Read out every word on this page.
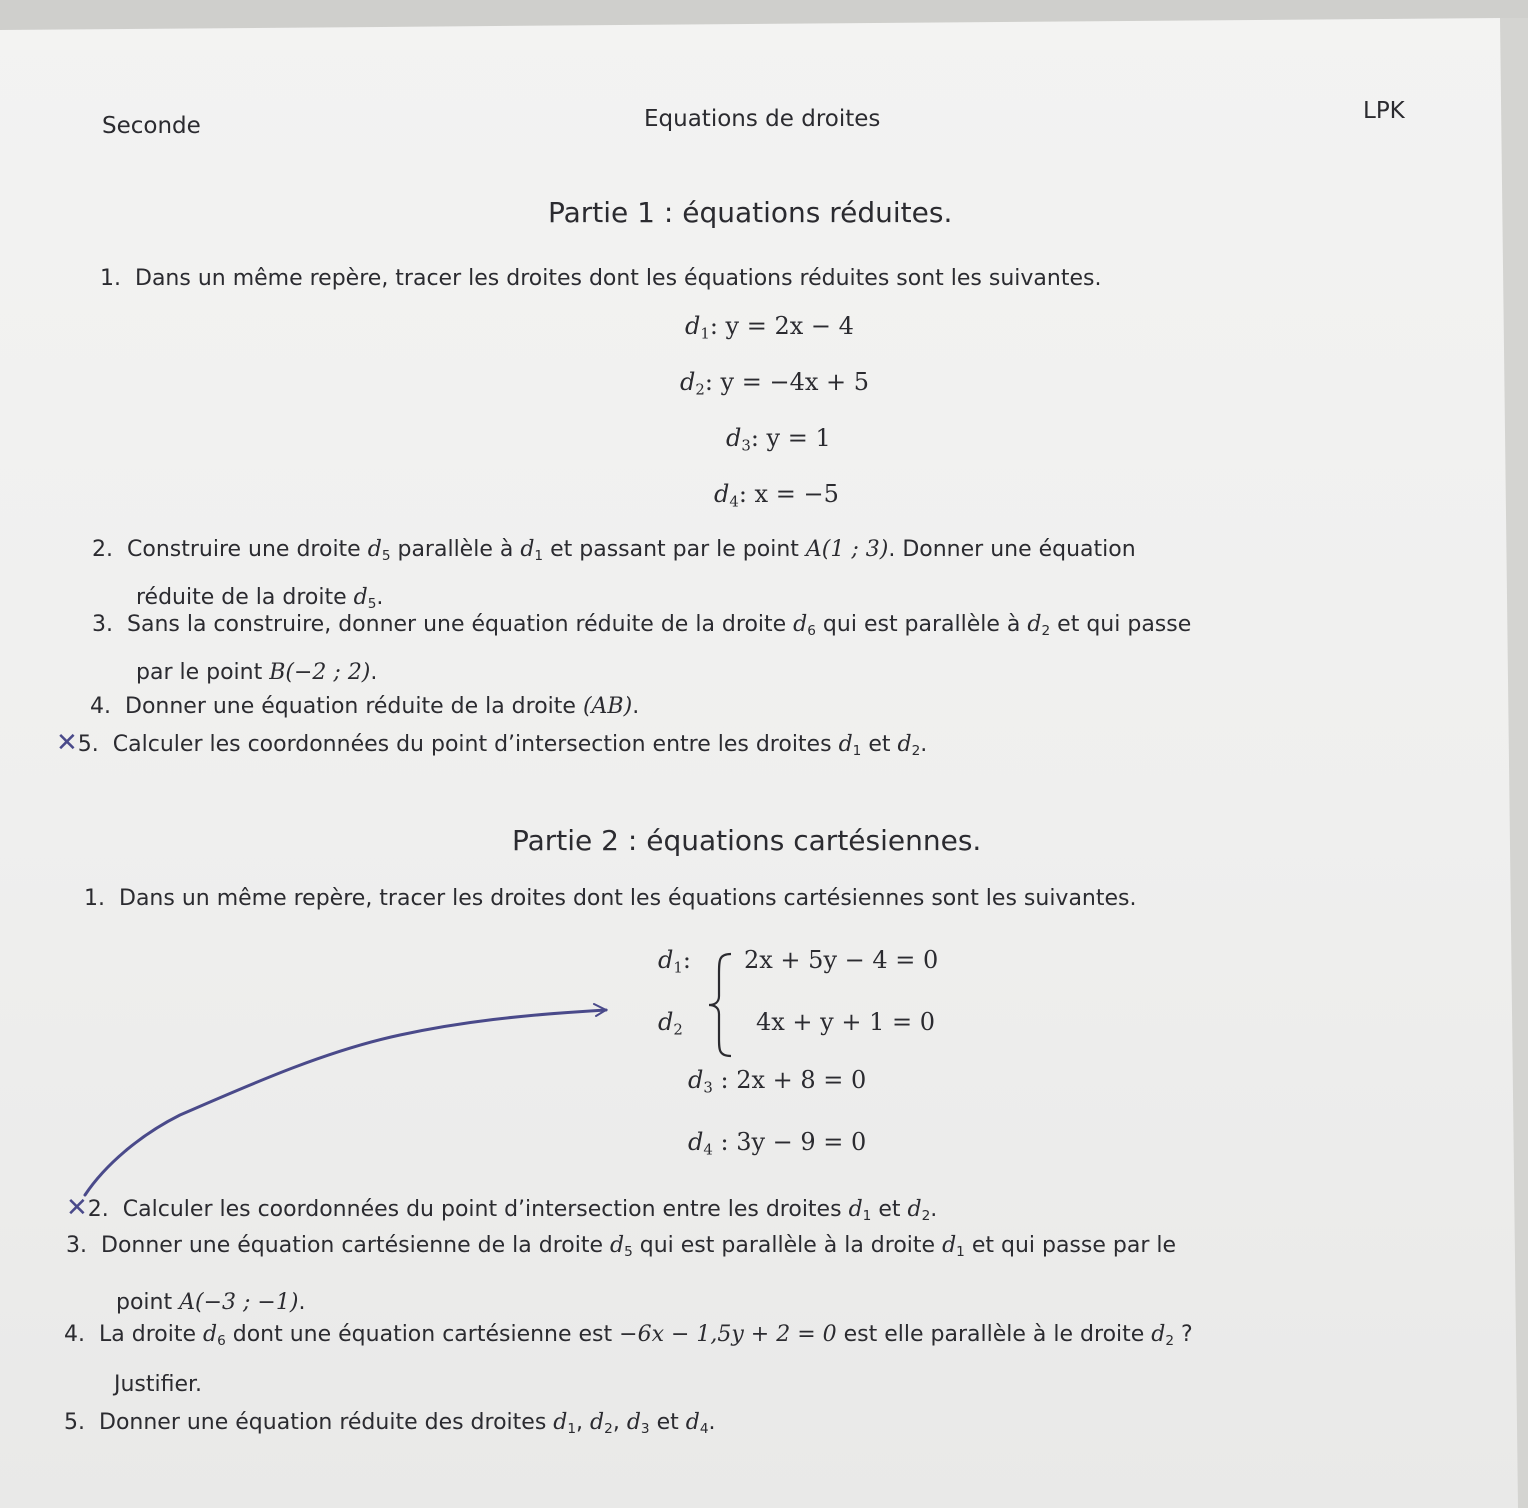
Seconde	Equations de droites	LPK
Partie 1 : équations réduites.
1. Dans un même repère, tracer les droites dont les équations réduites sont les suivantes.
$d_1$: y = 2x − 4
$d_2$: y = −4x + 5
$d_3$: y = 1
$d_4$: x = −5
2. Construire une droite $d_5$ parallèle à $d_1$ et passant par le point A(1 ; 3). Donner une équation
réduite de la droite $d_5$.
3. Sans la construire, donner une équation réduite de la droite $d_6$ qui est parallèle à $d_2$ et qui passe
par le point B(−2 ; 2).
4. Donner une équation réduite de la droite (AB).
✕5. Calculer les coordonnées du point d’intersection entre les droites $d_1$ et $d_2$.
Partie 2 : équations cartésiennes.
1. Dans un même repère, tracer les droites dont les équations cartésiennes sont les suivantes.
$d_1$: 2x + 5y − 4 = 0
$d_2$	4x + y + 1 = 0
$d_3$ : 2x + 8 = 0
$d_4$ : 3y − 9 = 0
✕2. Calculer les coordonnées du point d’intersection entre les droites $d_1$ et $d_2$.
3. Donner une équation cartésienne de la droite $d_5$ qui est parallèle à la droite $d_1$ et qui passe par le
point A(−3 ; −1).
4. La droite $d_6$ dont une équation cartésienne est −6x − 1,5y + 2 = 0 est elle parallèle à le droite $d_2$ ?
Justifier.
5. Donner une équation réduite des droites $d_1$, $d_2$, $d_3$ et $d_4$.
